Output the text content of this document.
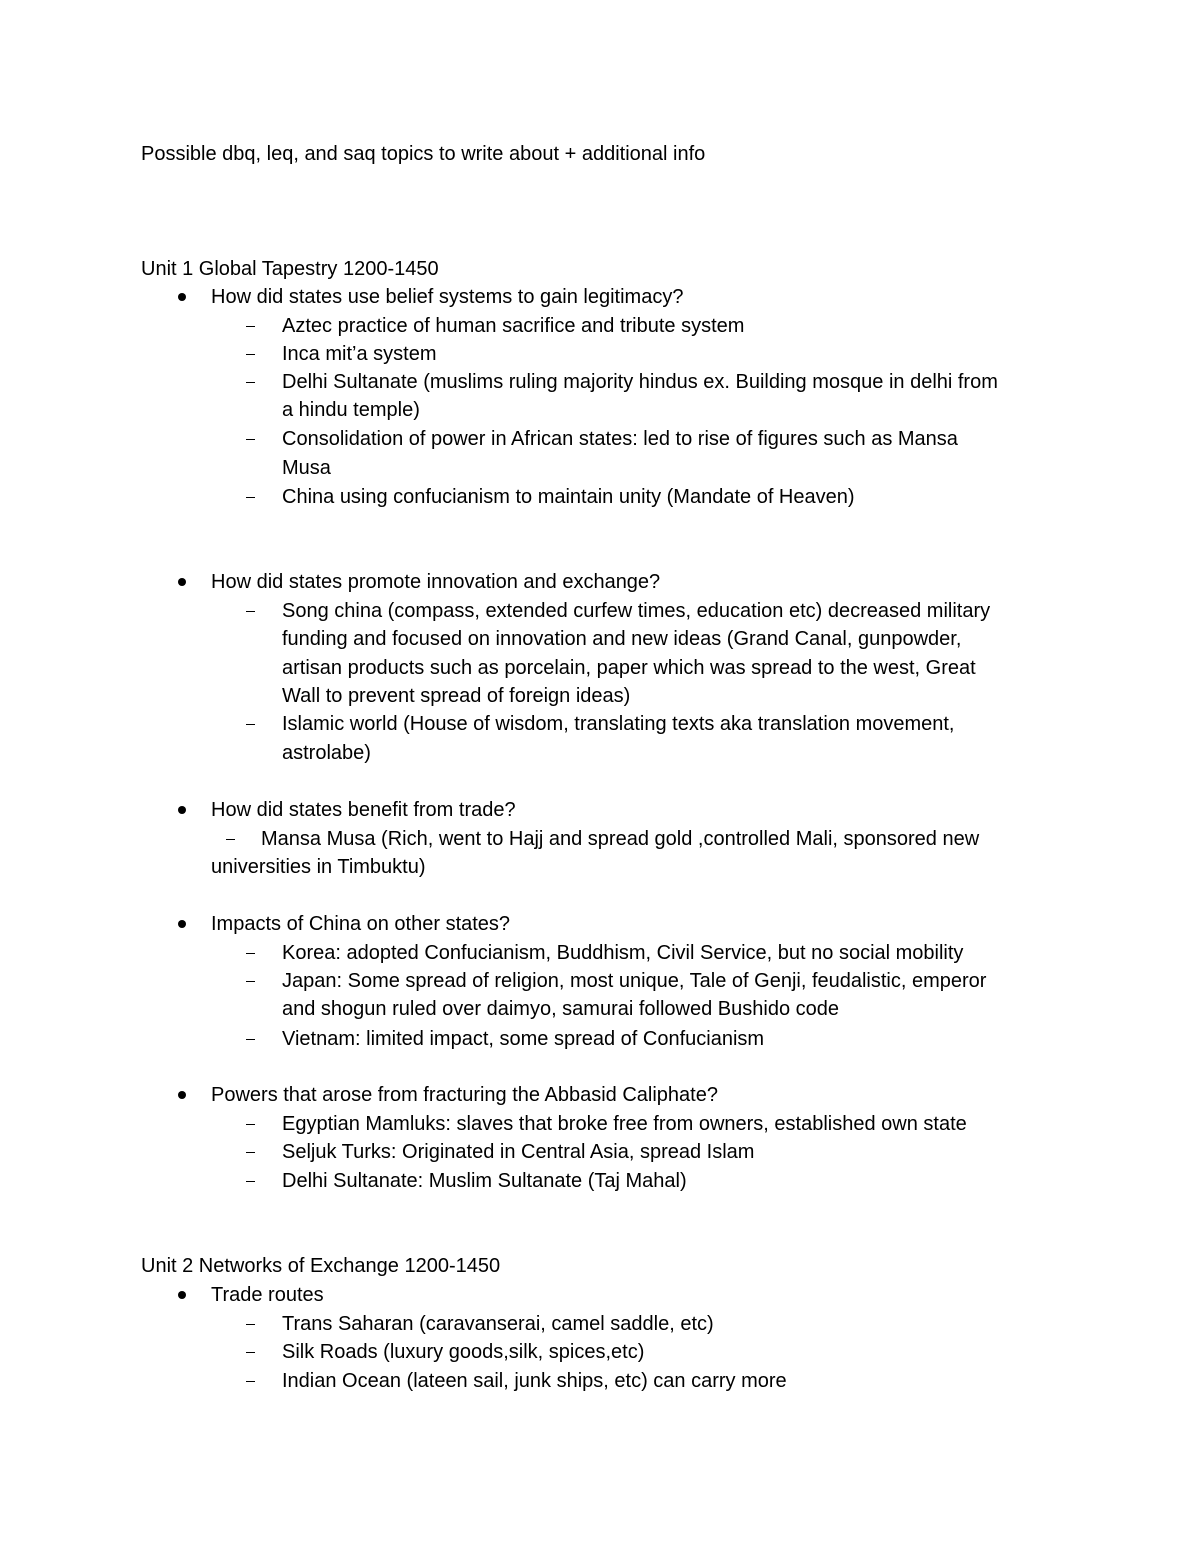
Possible dbq, leq, and saq topics to write about + additional info
Unit 1 Global Tapestry 1200-1450
How did states use belief systems to gain legitimacy?
Aztec practice of human sacrifice and tribute system
Inca mit’a system
Delhi Sultanate (muslims ruling majority hindus ex. Building mosque in delhi from
a hindu temple)
Consolidation of power in African states: led to rise of figures such as Mansa
Musa
China using confucianism to maintain unity (Mandate of Heaven)
How did states promote innovation and exchange?
Song china (compass, extended curfew times, education etc) decreased military
funding and focused on innovation and new ideas (Grand Canal, gunpowder,
artisan products such as porcelain, paper which was spread to the west, Great
Wall to prevent spread of foreign ideas)
Islamic world (House of wisdom, translating texts aka translation movement,
astrolabe)
How did states benefit from trade?
Mansa Musa (Rich, went to Hajj and spread gold ,controlled Mali, sponsored new
universities in Timbuktu)
Impacts of China on other states?
Korea: adopted Confucianism, Buddhism, Civil Service, but no social mobility
Japan: Some spread of religion, most unique, Tale of Genji, feudalistic, emperor
and shogun ruled over daimyo, samurai followed Bushido code
Vietnam: limited impact, some spread of Confucianism
Powers that arose from fracturing the Abbasid Caliphate?
Egyptian Mamluks: slaves that broke free from owners, established own state
Seljuk Turks: Originated in Central Asia, spread Islam
Delhi Sultanate: Muslim Sultanate (Taj Mahal)
Unit 2 Networks of Exchange 1200-1450
Trade routes
Trans Saharan (caravanserai, camel saddle, etc)
Silk Roads (luxury goods,silk, spices,etc)
Indian Ocean (lateen sail, junk ships, etc) can carry more
